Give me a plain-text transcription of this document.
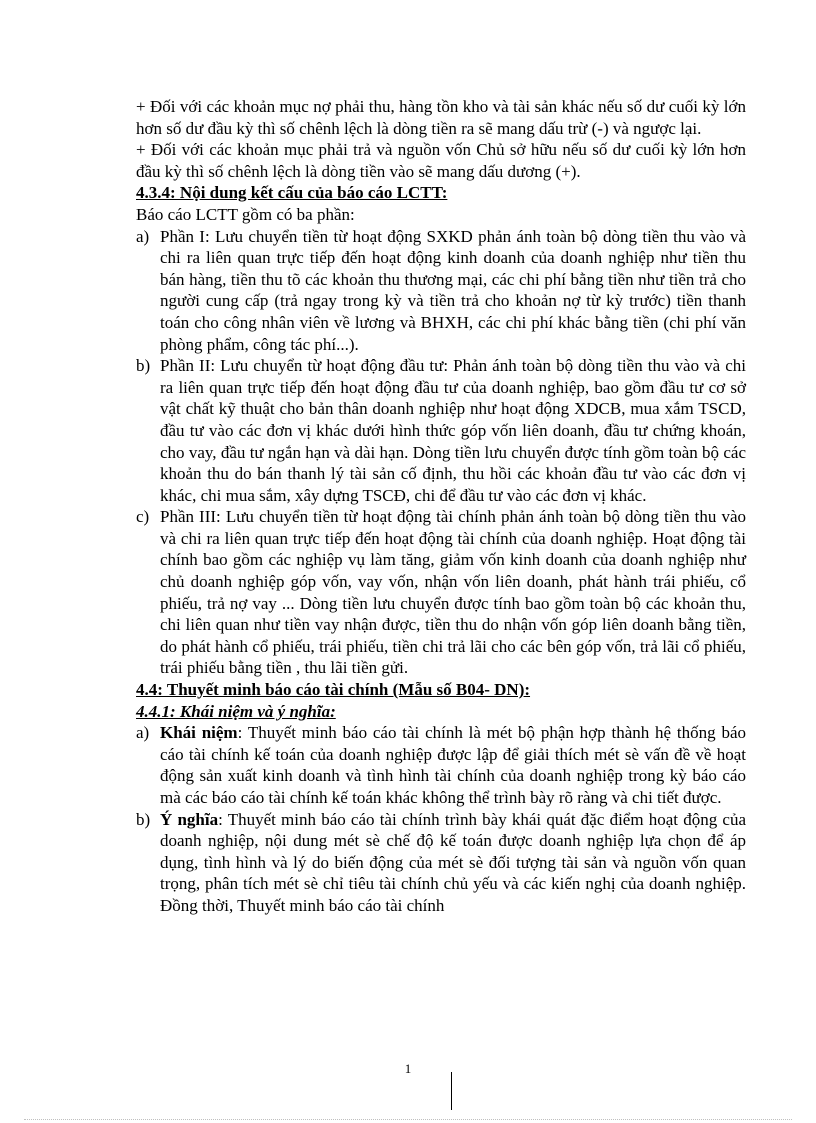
+ Đối với các khoản mục nợ phải thu, hàng tồn kho và tài sản khác nếu số dư cuối kỳ lớn hơn số dư đầu kỳ thì số chênh lệch là dòng tiền ra sẽ mang dấu trừ (-) và ngược lại.

+ Đối với các khoản mục phải trả và nguồn vốn Chủ sở hữu nếu số dư cuối kỳ lớn hơn đầu kỳ thì số chênh lệch là dòng tiền vào sẽ mang dấu dương (+).

4.3.4: Nội dung kết cấu của báo cáo LCTT:

Báo cáo LCTT gồm có ba phần:

a) Phần I: Lưu chuyển tiền từ hoạt động SXKD phản ánh toàn bộ dòng tiền thu vào và chi ra liên quan trực tiếp đến hoạt động kinh doanh của doanh nghiệp như tiền thu bán hàng, tiền thu tõ các khoản thu thương mại, các chi phí bằng tiền như tiền trả cho người cung cấp (trả ngay trong kỳ và tiền trả cho khoản nợ từ kỳ trước) tiền thanh toán cho công nhân viên về lương và BHXH, các chi phí khác bằng tiền (chi phí văn phòng phẩm, công tác phí...).

b) Phần II: Lưu chuyển từ hoạt động đầu tư: Phản ánh toàn bộ dòng tiền thu vào và chi ra liên quan trực tiếp đến hoạt động đầu tư của doanh nghiệp, bao gồm đầu tư cơ sở vật chất kỹ thuật cho bản thân doanh nghiệp như hoạt động XDCB, mua xắm TSCD, đầu tư vào các đơn vị khác dưới hình thức góp vốn liên doanh, đầu tư chứng khoán, cho vay, đầu tư ngắn hạn và dài hạn. Dòng tiền lưu chuyển được tính gồm toàn bộ các khoản thu do bán thanh lý tài sản cố định, thu hồi các khoản đầu tư vào các đơn vị khác, chi mua sắm, xây dựng TSCĐ, chi để đầu tư vào các đơn vị khác.

c) Phần III: Lưu chuyển tiền từ hoạt động tài chính phản ánh toàn bộ dòng tiền thu vào và chi ra liên quan trực tiếp đến hoạt động tài chính của doanh nghiệp. Hoạt động tài chính bao gồm các nghiệp vụ làm tăng, giảm vốn kinh doanh của doanh nghiệp như chủ doanh nghiệp góp vốn, vay vốn, nhận vốn liên doanh, phát hành trái phiếu, cổ phiếu, trả nợ vay ... Dòng tiền lưu chuyển được tính bao gồm toàn bộ các khoản thu, chi liên quan như tiền vay nhận được, tiền thu do nhận vốn góp liên doanh bằng tiền, do phát hành cổ phiếu, trái phiếu, tiền chi trả lãi cho các bên góp vốn, trả lãi cổ phiếu, trái phiếu bằng tiền , thu lãi tiền gửi.

4.4: Thuyết minh báo cáo tài chính (Mẫu số B04- DN):

4.4.1: Khái niệm và ý nghĩa:

a) Khái niệm: Thuyết minh báo cáo tài chính là mét bộ phận hợp thành hệ thống báo cáo tài chính kế toán của doanh nghiệp được lập để giải thích mét sè vấn đề về hoạt động sản xuất kinh doanh và tình hình tài chính của doanh nghiệp trong kỳ báo cáo mà các báo cáo tài chính kế toán khác không thể trình bày rõ ràng và chi tiết được.

b) Ý nghĩa: Thuyết minh báo cáo tài chính trình bày khái quát đặc điểm hoạt động của doanh nghiệp, nội dung mét sè chế độ kế toán được doanh nghiệp lựa chọn để áp dụng, tình hình và lý do biến động của mét sè đối tượng tài sản và nguồn vốn quan trọng, phân tích mét sè chỉ tiêu tài chính chủ yếu và các kiến nghị của doanh nghiệp. Đồng thời, Thuyết minh báo cáo tài chính

1
